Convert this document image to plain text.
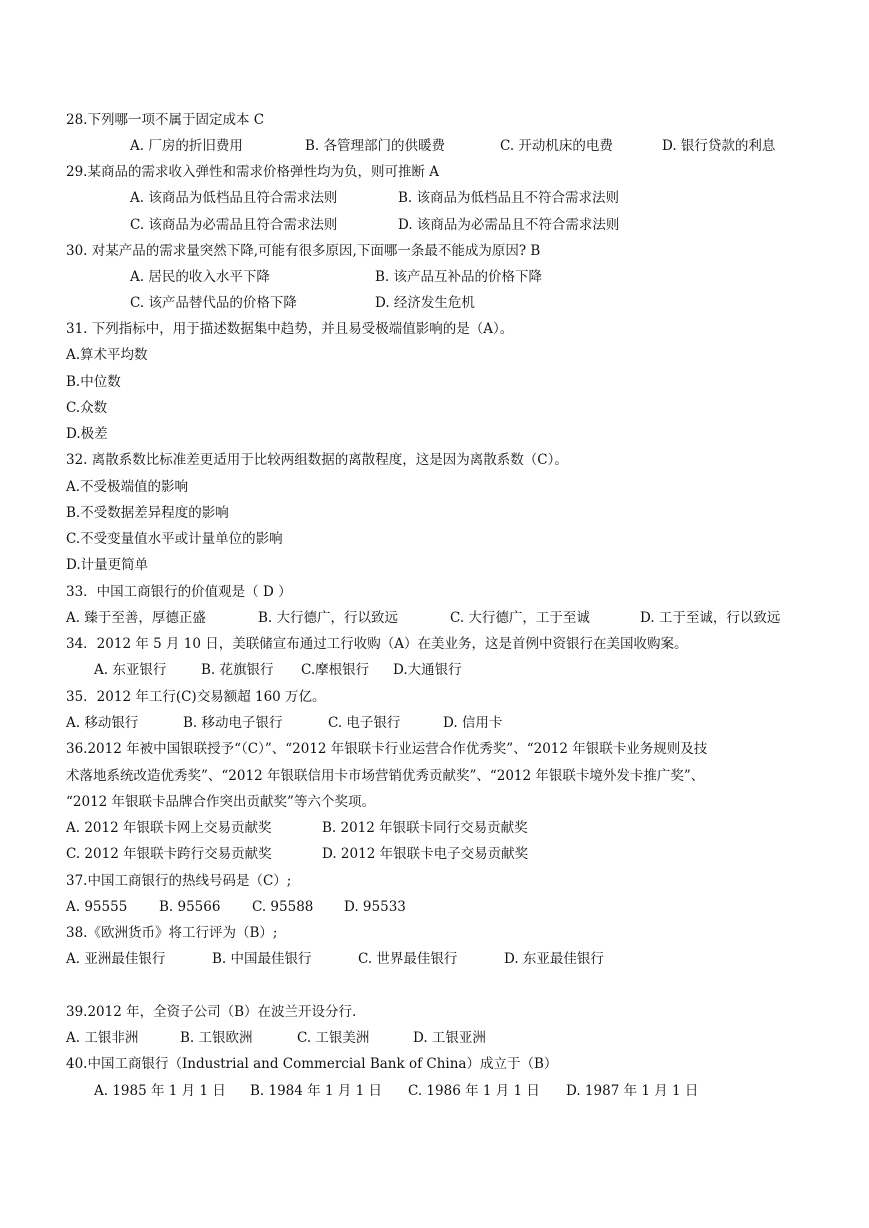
28.下列哪一项不属于固定成本 C
A. 厂房的折旧费用	B. 各管理部门的供暖费	C. 开动机床的电费	D. 银行贷款的利息
29.某商品的需求收入弹性和需求价格弹性均为负，则可推断 A
A. 该商品为低档品且符合需求法则	B. 该商品为低档品且不符合需求法则
C. 该商品为必需品且符合需求法则	D. 该商品为必需品且不符合需求法则
30. 对某产品的需求量突然下降,可能有很多原因,下面哪一条最不能成为原因? B
A. 居民的收入水平下降	B. 该产品互补品的价格下降
C. 该产品替代品的价格下降	D. 经济发生危机
31. 下列指标中，用于描述数据集中趋势，并且易受极端值影响的是（A）。
A.算术平均数
B.中位数
C.众数
D.极差
32. 离散系数比标准差更适用于比较两组数据的离散程度，这是因为离散系数（C）。
A.不受极端值的影响
B.不受数据差异程度的影响
C.不受变量值水平或计量单位的影响
D.计量更简单
33．中国工商银行的价值观是（ D ）
A. 臻于至善，厚德正盛	B. 大行德广，行以致远	C. 大行德广，工于至诚	D. 工于至诚，行以致远
34．2012 年 5 月 10 日，美联储宣布通过工行收购（A）在美业务，这是首例中资银行在美国收购案。
A. 东亚银行	B. 花旗银行 C.摩根银行 D.大通银行
35．2012 年工行(C)交易额超 160 万亿。
A. 移动银行	B. 移动电子银行	C. 电子银行	D. 信用卡
36.2012 年被中国银联授予“（C）”、“2012 年银联卡行业运营合作优秀奖”、“2012 年银联卡业务规则及技
术落地系统改造优秀奖”、“2012 年银联信用卡市场营销优秀贡献奖”、“2012 年银联卡境外发卡推广奖”、
“2012 年银联卡品牌合作突出贡献奖”等六个奖项。
A. 2012 年银联卡网上交易贡献奖	B. 2012 年银联卡同行交易贡献奖
C. 2012 年银联卡跨行交易贡献奖	D. 2012 年银联卡电子交易贡献奖
37.中国工商银行的热线号码是（C）;
A. 95555 B. 95566 C. 95588 D. 95533
38.《欧洲货币》将工行评为（B）;
A. 亚洲最佳银行	B. 中国最佳银行	C. 世界最佳银行	D. 东亚最佳银行
39.2012 年，全资子公司（B）在波兰开设分行.
A. 工银非洲	B. 工银欧洲	C. 工银美洲	D. 工银亚洲
40.中国工商银行（Industrial and Commercial Bank of China）成立于（B）
A. 1985 年 1 月 1 日 B. 1984 年 1 月 1 日 C. 1986 年 1 月 1 日 D. 1987 年 1 月 1 日
